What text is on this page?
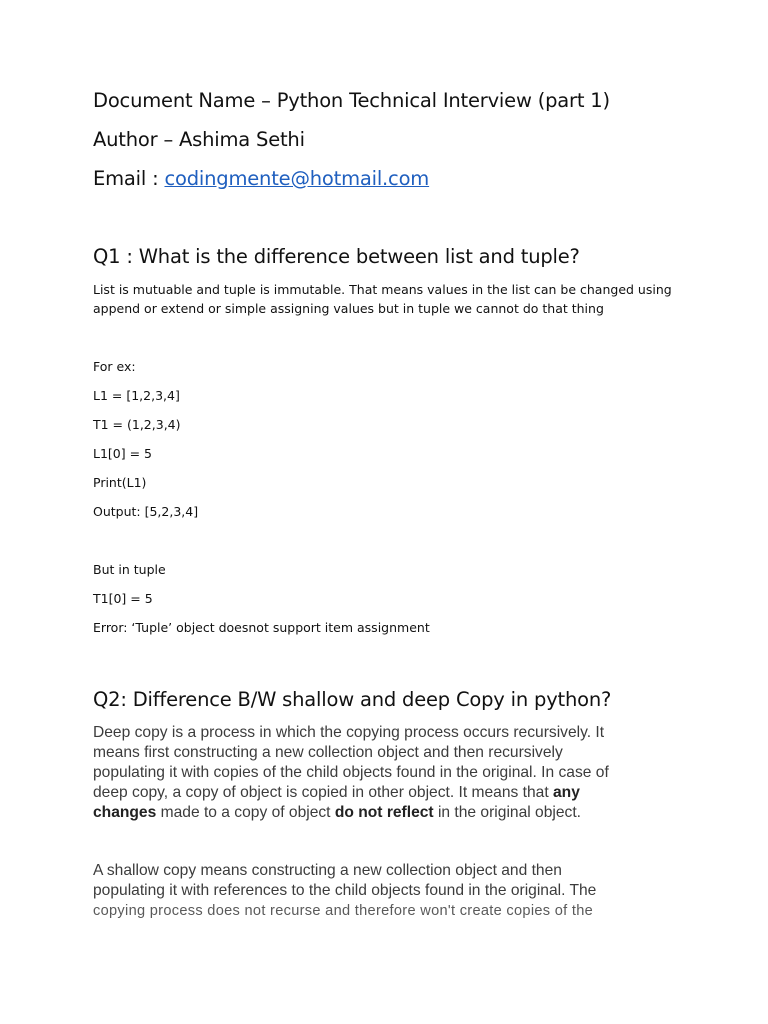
Document Name – Python Technical Interview (part 1)
Author – Ashima Sethi
Email : codingmente@hotmail.com
Q1 : What is the difference between list and tuple?
List is mutuable and tuple is immutable. That means values in the list can be changed using
append or extend or simple assigning values but in tuple we cannot do that thing
For ex:
L1 = [1,2,3,4]
T1 = (1,2,3,4)
L1[0] = 5
Print(L1)
Output: [5,2,3,4]
But in tuple
T1[0] = 5
Error: ‘Tuple’ object doesnot support item assignment
Q2: Difference B/W shallow and deep Copy in python?
Deep copy is a process in which the copying process occurs recursively. It
means first constructing a new collection object and then recursively
populating it with copies of the child objects found in the original. In case of
deep copy, a copy of object is copied in other object. It means that any
changes made to a copy of object do not reflect in the original object.
A shallow copy means constructing a new collection object and then
populating it with references to the child objects found in the original. The
copying process does not recurse and therefore won't create copies of the
